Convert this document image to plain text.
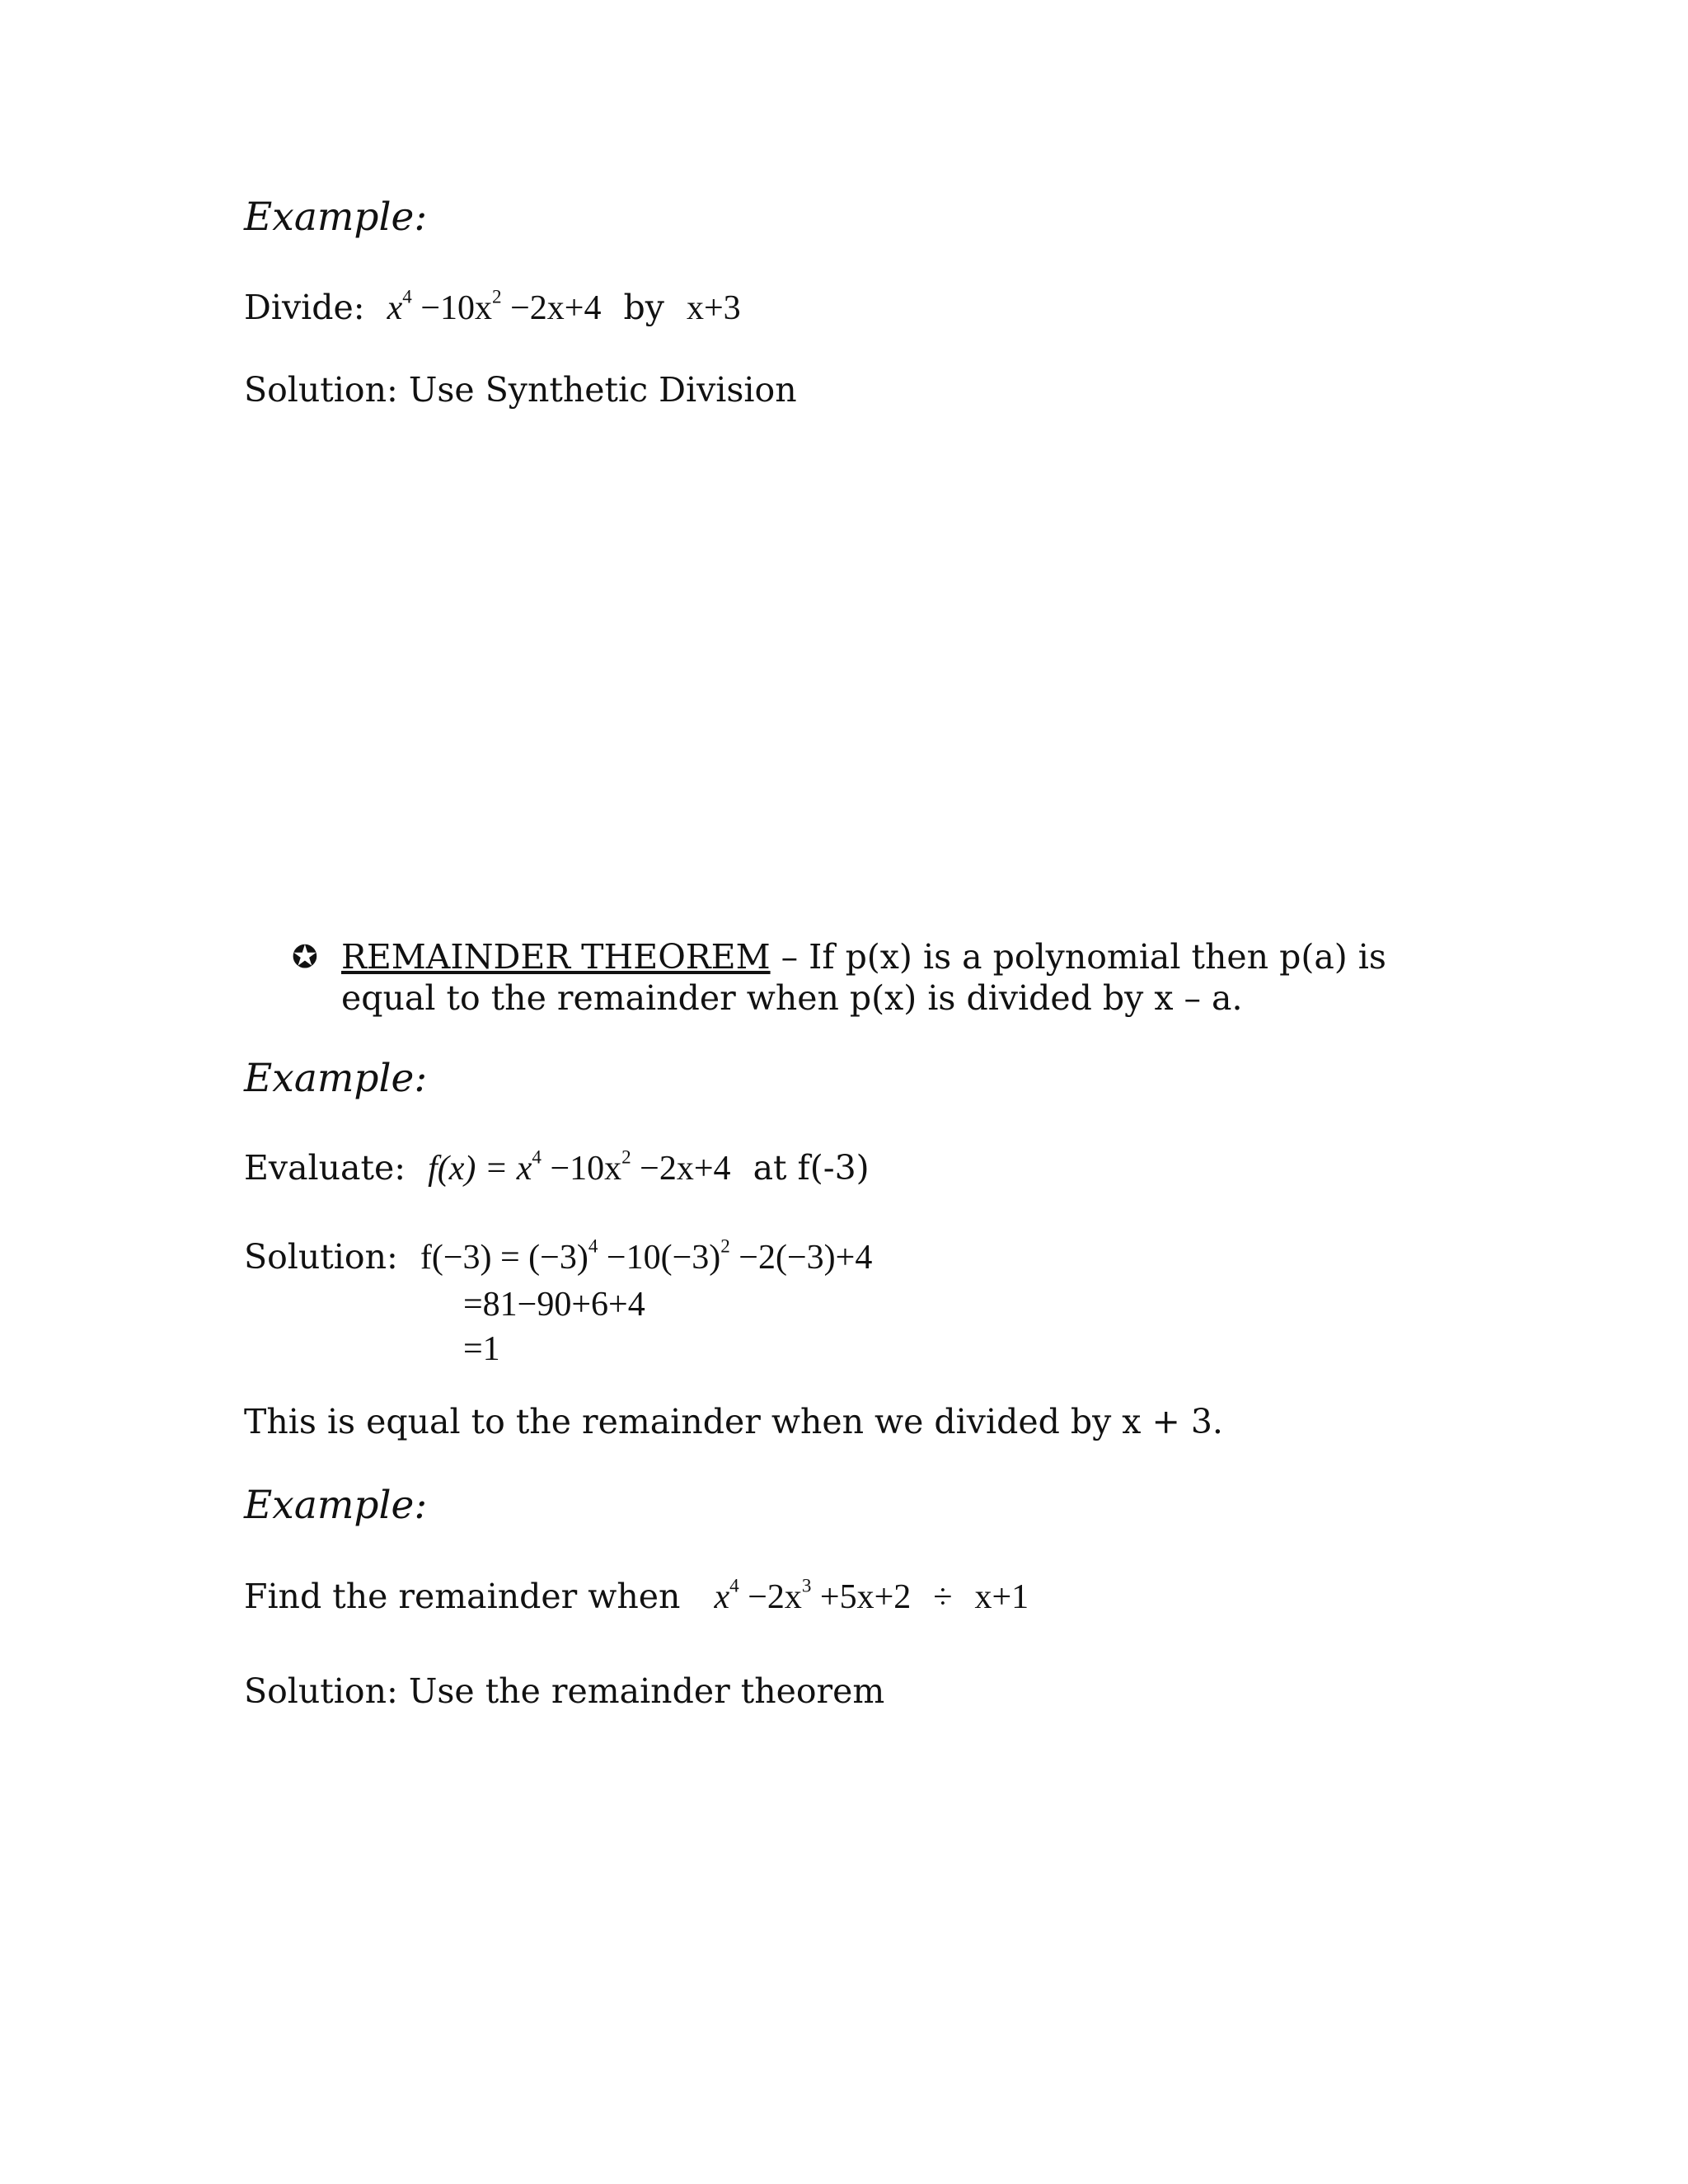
Example:
Divide: $x^4 -10x^2 -2x+4$ by x+3
Solution: Use Synthetic Division
✪ REMAINDER THEOREM – If p(x) is a polynomial then p(a) is equal to the remainder when p(x) is divided by x – a.
Example:
Evaluate: $f(x) = x^4 -10x^2 -2x+4$ at f(-3)
Solution: $f(-3) = (-3)^4 -10(-3)^2 -2(-3)+4$
=81−90+6+4
=1
This is equal to the remainder when we divided by x + 3.
Example:
Find the remainder when $x^4 -2x^3 +5x+2 \div x+1$
Solution: Use the remainder theorem
